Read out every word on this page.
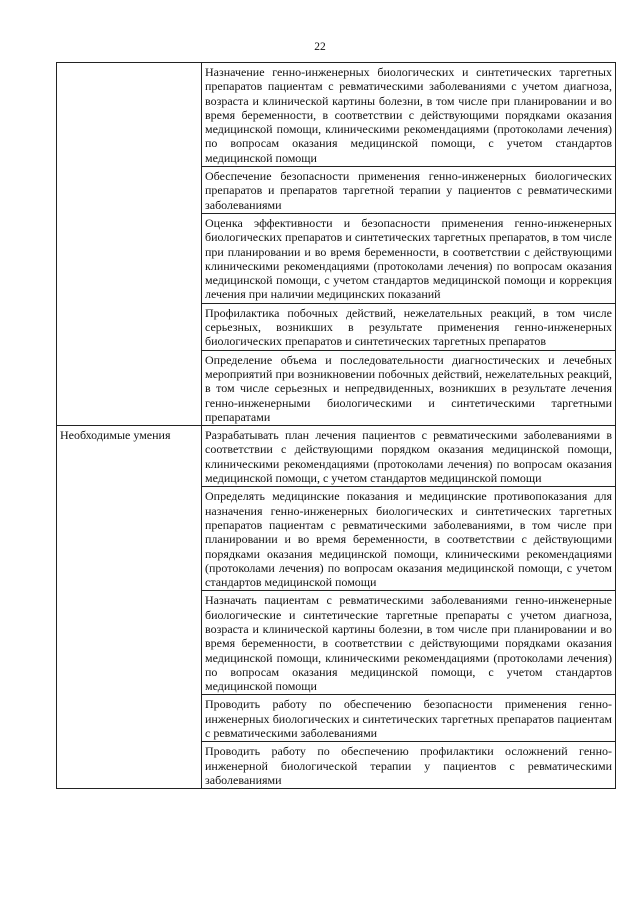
22

	Назначение генно-инженерных биологических и синтетических таргетных препаратов пациентам с ревматическими заболеваниями с учетом диагноза, возраста и клинической картины болезни, в том числе при планировании и во время беременности, в соответствии с действующими порядками оказания медицинской помощи, клиническими рекомендациями (протоколами лечения) по вопросам оказания медицинской помощи, с учетом стандартов медицинской помощи
Обеспечение безопасности применения генно-инженерных биологических препаратов и препаратов таргетной терапии у пациентов с ревматическими заболеваниями
Оценка эффективности и безопасности применения генно-инженерных биологических препаратов и синтетических таргетных препаратов, в том числе при планировании и во время беременности, в соответствии с действующими клиническими рекомендациями (протоколами лечения) по вопросам оказания медицинской помощи, с учетом стандартов медицинской помощи и коррекция лечения при наличии медицинских показаний
Профилактика побочных действий, нежелательных реакций, в том числе серьезных, возникших в результате применения генно-инженерных биологических препаратов и синтетических таргетных препаратов
Определение объема и последовательности диагностических и лечебных мероприятий при возникновении побочных действий, нежелательных реакций, в том числе серьезных и непредвиденных, возникших в результате лечения генно-инженерными биологическими и синтетическими таргетными препаратами

Необходимые умения	Разрабатывать план лечения пациентов с ревматическими заболеваниями в соответствии с действующими порядком оказания медицинской помощи, клиническими рекомендациями (протоколами лечения) по вопросам оказания медицинской помощи, с учетом стандартов медицинской помощи
Определять медицинские показания и медицинские противопоказания для назначения генно-инженерных биологических и синтетических таргетных препаратов пациентам с ревматическими заболеваниями, в том числе при планировании и во время беременности, в соответствии с действующими порядками оказания медицинской помощи, клиническими рекомендациями (протоколами лечения) по вопросам оказания медицинской помощи, с учетом стандартов медицинской помощи
Назначать пациентам с ревматическими заболеваниями генно-инженерные биологические и синтетические таргетные препараты с учетом диагноза, возраста и клинической картины болезни, в том числе при планировании и во время беременности, в соответствии с действующими порядками оказания медицинской помощи, клиническими рекомендациями (протоколами лечения) по вопросам оказания медицинской помощи, с учетом стандартов медицинской помощи
Проводить работу по обеспечению безопасности применения генно-инженерных биологических и синтетических таргетных препаратов пациентам с ревматическими заболеваниями
Проводить работу по обеспечению профилактики осложнений генно-инженерной биологической терапии у пациентов с ревматическими заболеваниями
